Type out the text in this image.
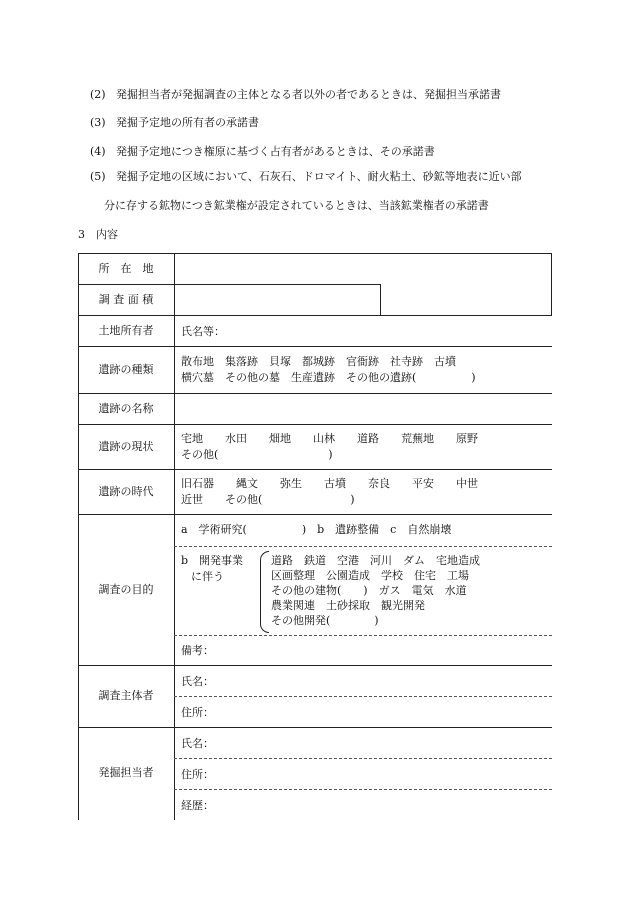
(2) 発掘担当者が発掘調査の主体となる者以外の者であるときは、発掘担当承諾書
(3) 発掘予定地の所有者の承諾書
(4) 発掘予定地につき権原に基づく占有者があるときは、その承諾書
(5) 発掘予定地の区域において、石灰石、ドロマイト、耐火粘土、砂鉱等地表に近い部
分に存する鉱物につき鉱業権が設定されているときは、当該鉱業権者の承諾書
3　内容
所　在　地
調 査 面 積
土地所有者
遺跡の種類
遺跡の名称
遺跡の現状
遺跡の時代
調査の目的
調査主体者
発掘担当者
氏名等：
散布地　集落跡　貝塚　都城跡　官衙跡　社寺跡　古墳
横穴墓　その他の墓　生産遺跡　その他の遺跡(　　　　　)
宅地　　水田　　畑地　　山林　　道路　　荒蕪地　　原野
その他(　　　　　　　　　　)
旧石器　　縄文　　弥生　　古墳　　奈良　　平安　　中世
近世　　その他(　　　　　　　　)
a　学術研究(　　　　　)　b　遺跡整備　c　自然崩壊
b　開発事業
に伴う
道路　鉄道　空港　河川　ダム　宅地造成
区画整理　公園造成　学校　住宅　工場
その他の建物(　　)　ガス　電気　水道
農業関連　土砂採取　観光開発
その他開発(　　　　)
備考：
氏名：
住所：
氏名：
住所：
経歴：
